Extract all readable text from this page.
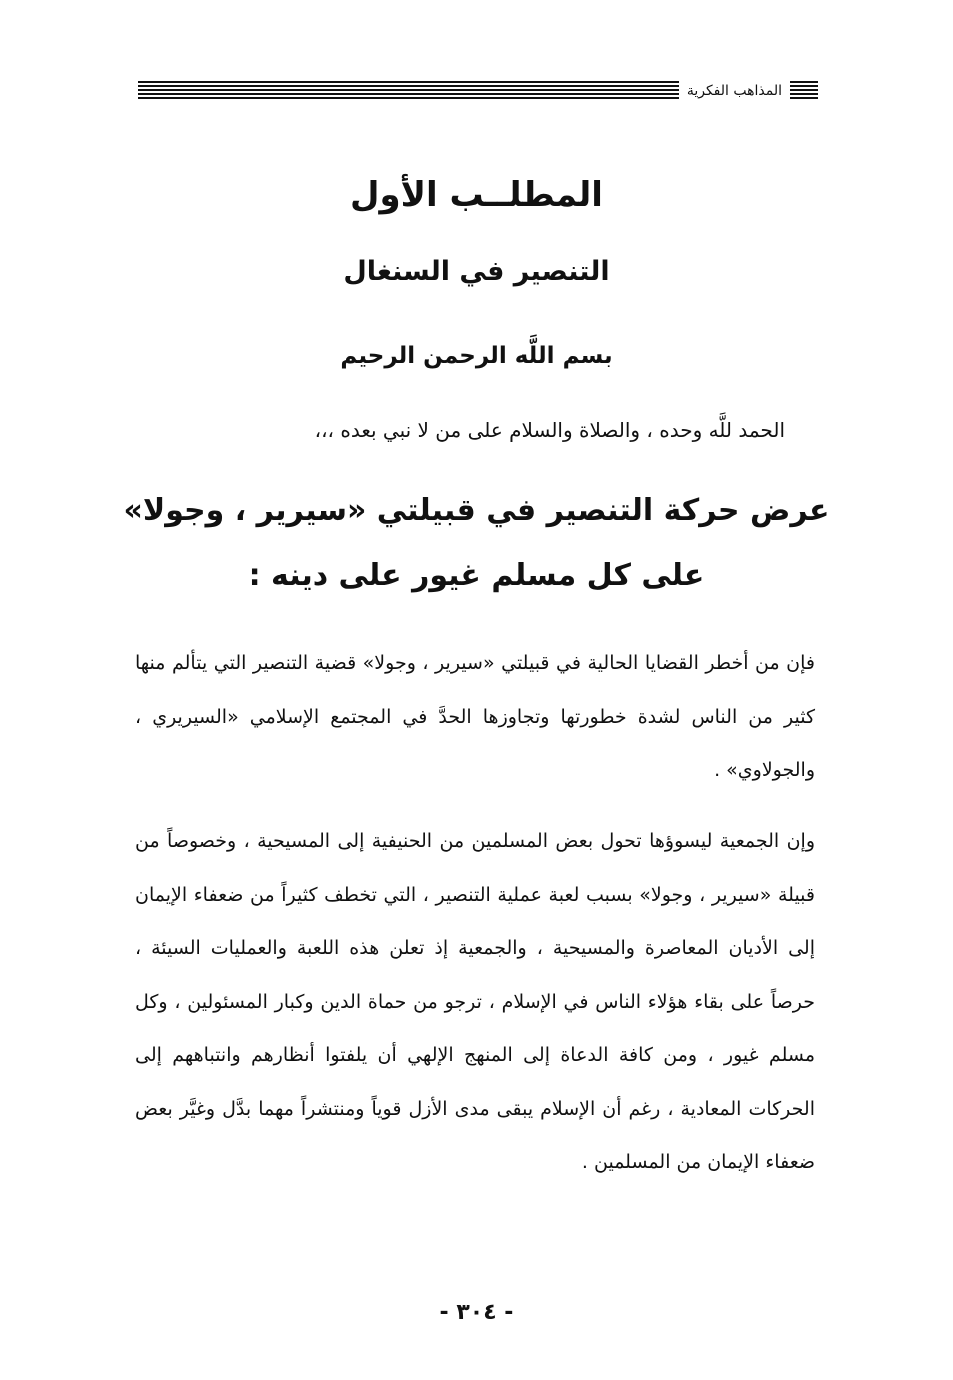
المذاهب الفكرية
المطلــب الأول
التنصير في السنغال
بسم اللَّه الرحمن الرحيم
الحمد للَّه وحده ، والصلاة والسلام على من لا نبي بعده ،،،
عرض حركة التنصير في قبيلتي «سيرير ، وجولا»
على كل مسلم غيور على دينه :

فإن من أخطر القضايا الحالية في قبيلتي «سيرير ، وجولا» قضية التنصير التي يتألم منها كثير من الناس لشدة خطورتها وتجاوزها الحدَّ في المجتمع الإسلامي «السيريري ، والجولاوي» .

وإن الجمعية ليسوؤها تحول بعض المسلمين من الحنيفية إلى المسيحية ، وخصوصاً من قبيلة «سيرير ، وجولا» بسبب لعبة عملية التنصير ، التي تخطف كثيراً من ضعفاء الإيمان إلى الأديان المعاصرة والمسيحية ، والجمعية إذ تعلن هذه اللعبة والعمليات السيئة ، حرصاً على بقاء هؤلاء الناس في الإسلام ، ترجو من حماة الدين وكبار المسئولين ، وكل مسلم غيور ، ومن كافة الدعاة إلى المنهج الإلهي أن يلفتوا أنظارهم وانتباههم إلى الحركات المعادية ، رغم أن الإسلام يبقى مدى الأزل قوياً ومنتشراً مهما بدَّل وغيَّر بعض ضعفاء الإيمان من المسلمين .

- ٣٠٤ -
